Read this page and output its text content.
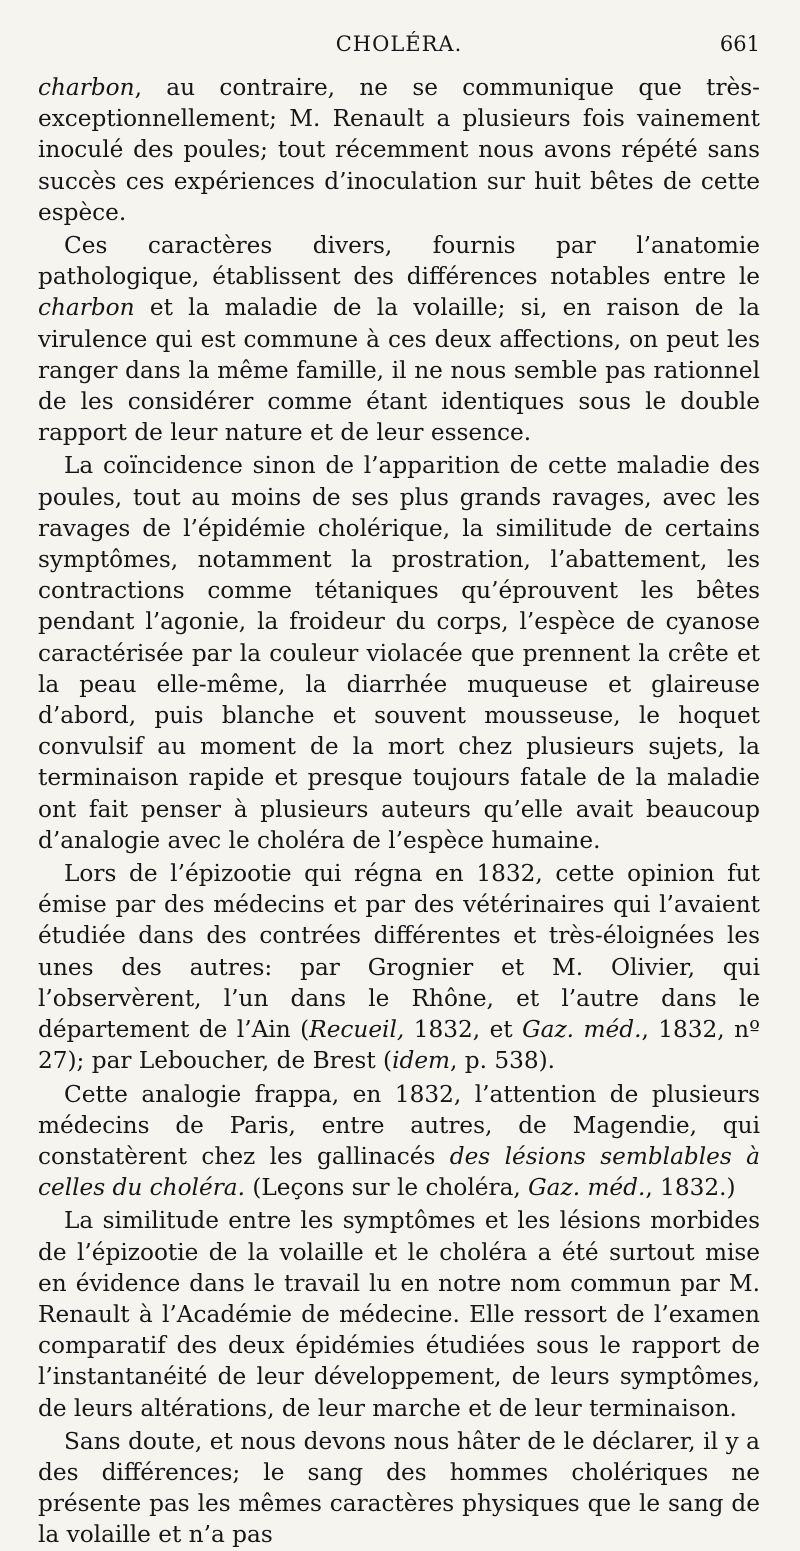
CHOLÉRA.	661

charbon, au contraire, ne se communique que très-exceptionnellement; M. Renault a plusieurs fois vainement inoculé des poules; tout récemment nous avons répété sans succès ces expériences d’inoculation sur huit bêtes de cette espèce.

Ces caractères divers, fournis par l’anatomie pathologique, établissent des différences notables entre le charbon et la maladie de la volaille; si, en raison de la virulence qui est commune à ces deux affections, on peut les ranger dans la même famille, il ne nous semble pas rationnel de les considérer comme étant identiques sous le double rapport de leur nature et de leur essence.

La coïncidence sinon de l’apparition de cette maladie des poules, tout au moins de ses plus grands ravages, avec les ravages de l’épidémie cholérique, la similitude de certains symptômes, notamment la prostration, l’abattement, les contractions comme tétaniques qu’éprouvent les bêtes pendant l’agonie, la froideur du corps, l’espèce de cyanose caractérisée par la couleur violacée que prennent la crête et la peau elle-même, la diarrhée muqueuse et glaireuse d’abord, puis blanche et souvent mousseuse, le hoquet convulsif au moment de la mort chez plusieurs sujets, la terminaison rapide et presque toujours fatale de la maladie ont fait penser à plusieurs auteurs qu’elle avait beaucoup d’analogie avec le choléra de l’espèce humaine.

Lors de l’épizootie qui régna en 1832, cette opinion fut émise par des médecins et par des vétérinaires qui l’avaient étudiée dans des contrées différentes et très-éloignées les unes des autres: par Grognier et M. Olivier, qui l’observèrent, l’un dans le Rhône, et l’autre dans le département de l’Ain (Recueil, 1832, et Gaz. méd., 1832, nº 27); par Leboucher, de Brest (idem, p. 538).

Cette analogie frappa, en 1832, l’attention de plusieurs médecins de Paris, entre autres, de Magendie, qui constatèrent chez les gallinacés des lésions semblables à celles du choléra. (Leçons sur le choléra, Gaz. méd., 1832.)

La similitude entre les symptômes et les lésions morbides de l’épizootie de la volaille et le choléra a été surtout mise en évidence dans le travail lu en notre nom commun par M. Renault à l’Académie de médecine. Elle ressort de l’examen comparatif des deux épidémies étudiées sous le rapport de l’instantanéité de leur développement, de leurs symptômes, de leurs altérations, de leur marche et de leur terminaison.

Sans doute, et nous devons nous hâter de le déclarer, il y a des différences; le sang des hommes cholériques ne présente pas les mêmes caractères physiques que le sang de la volaille et n’a pas
